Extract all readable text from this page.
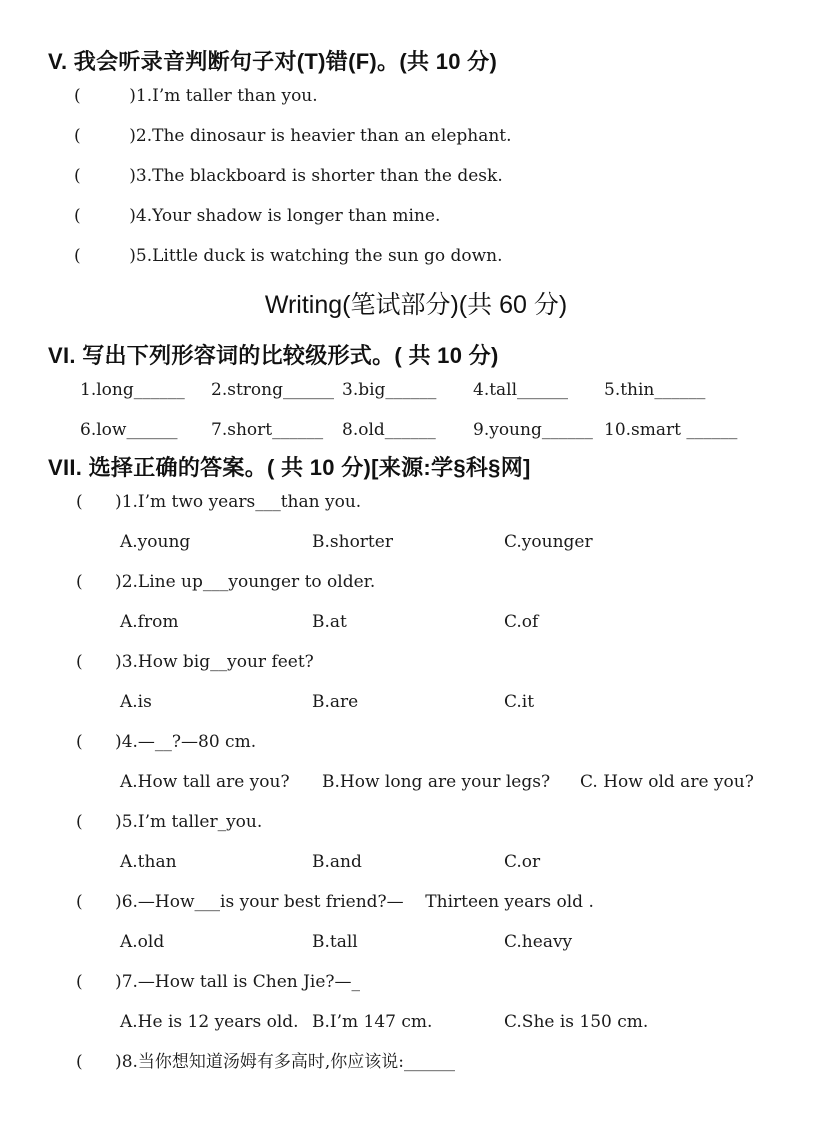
V. 我会听录音判断句子对(T)错(F)。(共 10 分)
(         )1.I’m taller than you.
(         )2.The dinosaur is heavier than an elephant.
(         )3.The blackboard is shorter than the desk.
(         )4.Your shadow is longer than mine.
(         )5.Little duck is watching the sun go down.
Writing(笔试部分)(共 60 分)
VI. 写出下列形容词的比较级形式。( 共 10 分)
1.long______	2.strong______ 3.big______	4.tall______	5.thin______
6.low______	7.short______	8.old______	9.young______ 10.smart ______
VII. 选择正确的答案。( 共 10 分)[来源:学§科§网]
(      )1.I’m two years___than you.
A.young	B.shorter	C.younger
(      )2.Line up___younger to older.
A.from	B.at	C.of
(      )3.How big__your feet?
A.is	B.are	C.it
(      )4.—__?—80 cm.
A.How tall are you?	B.How long are your legs?	C. How old are you?
(      )5.I’m taller_you.
A.than	B.and	C.or
(      )6.—How___is your best friend?—    Thirteen years old .
A.old	B.tall	C.heavy
(      )7.—How tall is Chen Jie?—_
A.He is 12 years old. B.I’m 147 cm.	C.She is 150 cm.
(      )8.当你想知道汤姆有多高时,你应该说:______
